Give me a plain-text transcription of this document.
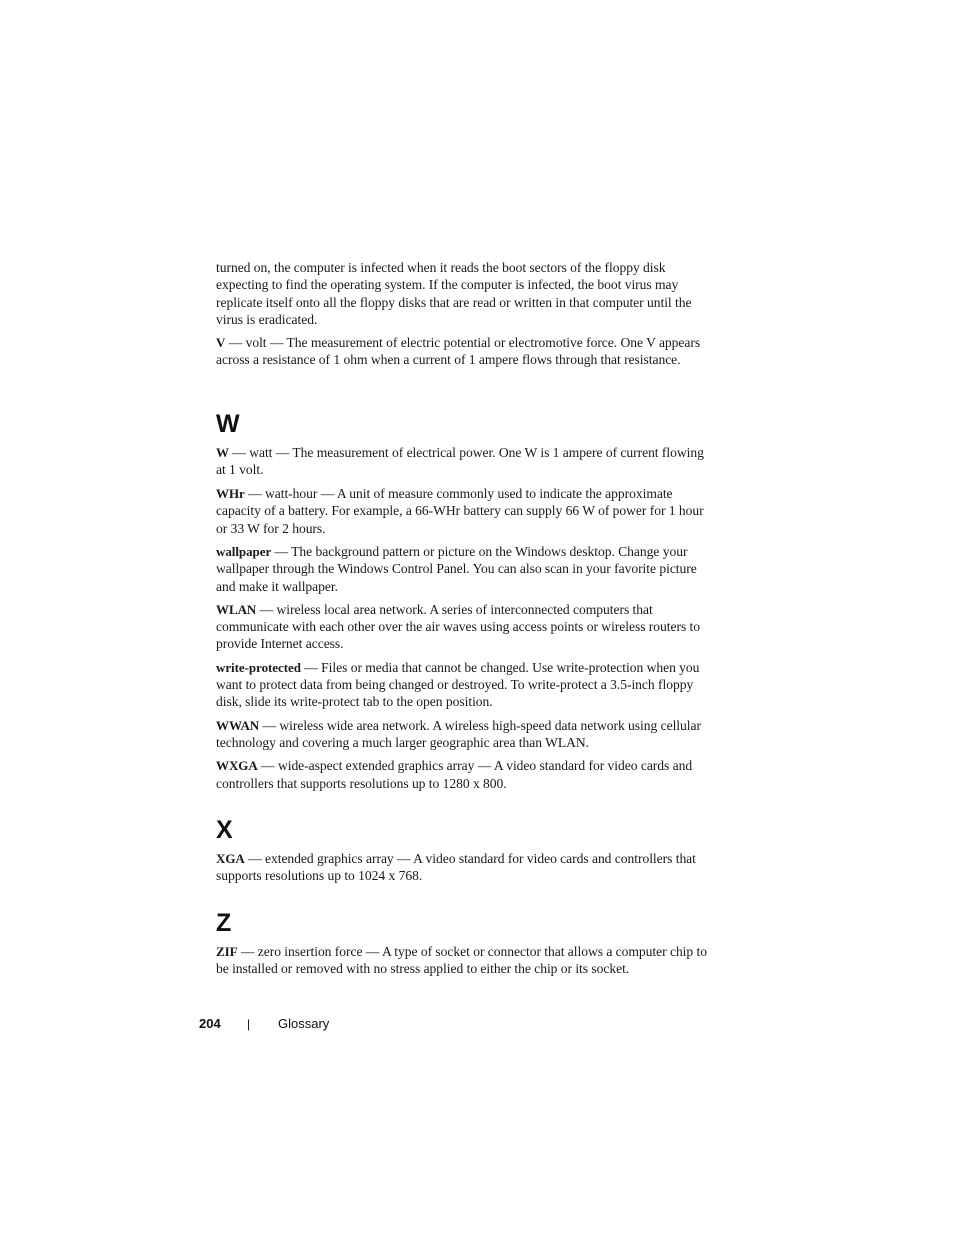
turned on, the computer is infected when it reads the boot sectors of the floppy disk expecting to find the operating system. If the computer is infected, the boot virus may replicate itself onto all the floppy disks that are read or written in that computer until the virus is eradicated.

V — volt — The measurement of electric potential or electromotive force. One V appears across a resistance of 1 ohm when a current of 1 ampere flows through that resistance.

W

W — watt — The measurement of electrical power. One W is 1 ampere of current flowing at 1 volt.

WHr — watt-hour — A unit of measure commonly used to indicate the approximate capacity of a battery. For example, a 66-WHr battery can supply 66 W of power for 1 hour or 33 W for 2 hours.

wallpaper — The background pattern or picture on the Windows desktop. Change your wallpaper through the Windows Control Panel. You can also scan in your favorite picture and make it wallpaper.

WLAN — wireless local area network. A series of interconnected computers that communicate with each other over the air waves using access points or wireless routers to provide Internet access.

write-protected — Files or media that cannot be changed. Use write-protection when you want to protect data from being changed or destroyed. To write-protect a 3.5-inch floppy disk, slide its write-protect tab to the open position.

WWAN — wireless wide area network. A wireless high-speed data network using cellular technology and covering a much larger geographic area than WLAN.

WXGA — wide-aspect extended graphics array — A video standard for video cards and controllers that supports resolutions up to 1280 x 800.

X

XGA — extended graphics array — A video standard for video cards and controllers that supports resolutions up to 1024 x 768.

Z

ZIF — zero insertion force — A type of socket or connector that allows a computer chip to be installed or removed with no stress applied to either the chip or its socket.

204 | Glossary
